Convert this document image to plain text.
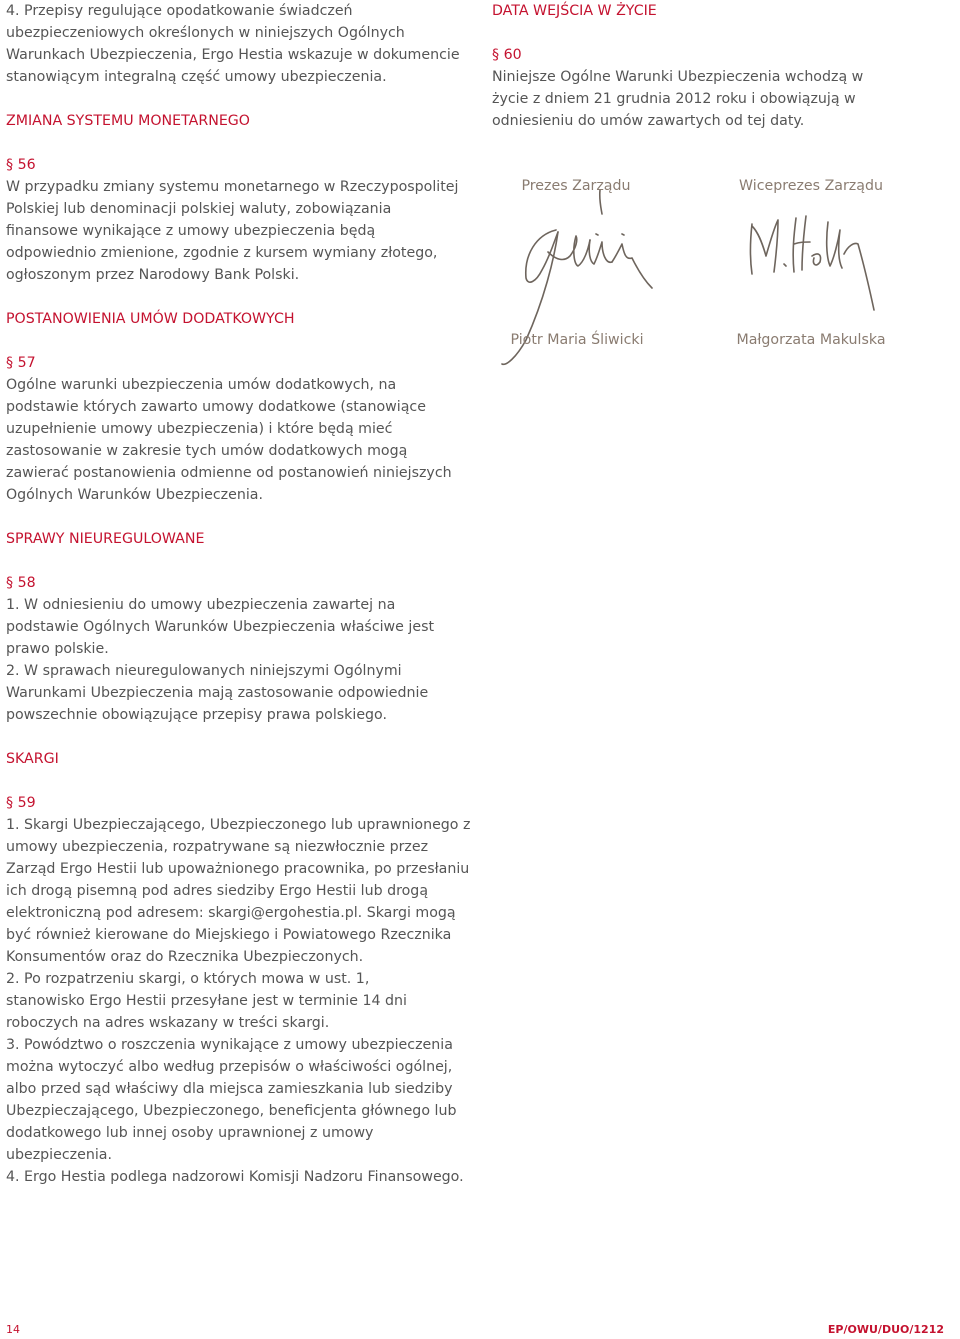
4. Przepisy regulujące opodatkowanie świadczeń ubezpieczeniowych określonych w niniejszych Ogólnych Warunkach Ubezpieczenia, Ergo Hestia wskazuje w dokumencie stanowiącym integralną część umowy ubezpieczenia.

ZMIANA SYSTEMU MONETARNEGO
§ 56

W przypadku zmiany systemu monetarnego w Rzeczypospolitej Polskiej lub denominacji polskiej waluty, zobowiązania finansowe wynikające z umowy ubezpieczenia będą odpowiednio zmienione, zgodnie z kursem wymiany złotego, ogłoszonym przez Narodowy Bank Polski.

POSTANOWIENIA UMÓW DODATKOWYCH
§ 57

Ogólne warunki ubezpieczenia umów dodatkowych, na podstawie których zawarto umowy dodatkowe (stanowiące uzupełnienie umowy ubezpieczenia) i które będą mieć zastosowanie w zakresie tych umów dodatkowych mogą zawierać postanowienia odmienne od postanowień niniejszych Ogólnych Warunków Ubezpieczenia.

SPRAWY NIEUREGULOWANE
§ 58

1. W odniesieniu do umowy ubezpieczenia zawartej na podstawie Ogólnych Warunków Ubezpieczenia właściwe jest prawo polskie.

2. W sprawach nieuregulowanych niniejszymi Ogólnymi Warunkami Ubezpieczenia mają zastosowanie odpowiednie powszechnie obowiązujące przepisy prawa polskiego.

SKARGI
§ 59

1. Skargi Ubezpieczającego, Ubezpieczonego lub uprawnionego z umowy ubezpieczenia, rozpatrywane są niezwłocznie przez Zarząd Ergo Hestii lub upoważnionego pracownika, po przesłaniu ich drogą pisemną pod adres siedziby Ergo Hestii lub drogą elektroniczną pod adresem: skargi@ergohestia.pl. Skargi mogą być również kierowane do Miejskiego i Powiatowego Rzecznika Konsumentów oraz do Rzecznika Ubezpieczonych.

2. Po rozpatrzeniu skargi, o których mowa w ust. 1, stanowisko Ergo Hestii przesyłane jest w terminie 14 dni roboczych na adres wskazany w treści skargi.

3. Powództwo o roszczenia wynikające z umowy ubezpieczenia można wytoczyć albo według przepisów o właściwości ogólnej, albo przed sąd właściwy dla miejsca zamieszkania lub siedziby Ubezpieczającego, Ubezpieczonego, beneficjenta głównego lub dodatkowego lub innej osoby uprawnionej z umowy ubezpieczenia.

4. Ergo Hestia podlega nadzorowi Komisji Nadzoru Finansowego.

DATA WEJŚCIA W ŻYCIE
§ 60

Niniejsze Ogólne Warunki Ubezpieczenia wchodzą w życie z dniem 21 grudnia 2012 roku i obowiązują w odniesieniu do umów zawartych od tej daty.

Prezes Zarządu	Wiceprezes Zarządu
Piotr Maria Śliwicki	Małgorzata Makulska
14	EP/OWU/DUO/1212
